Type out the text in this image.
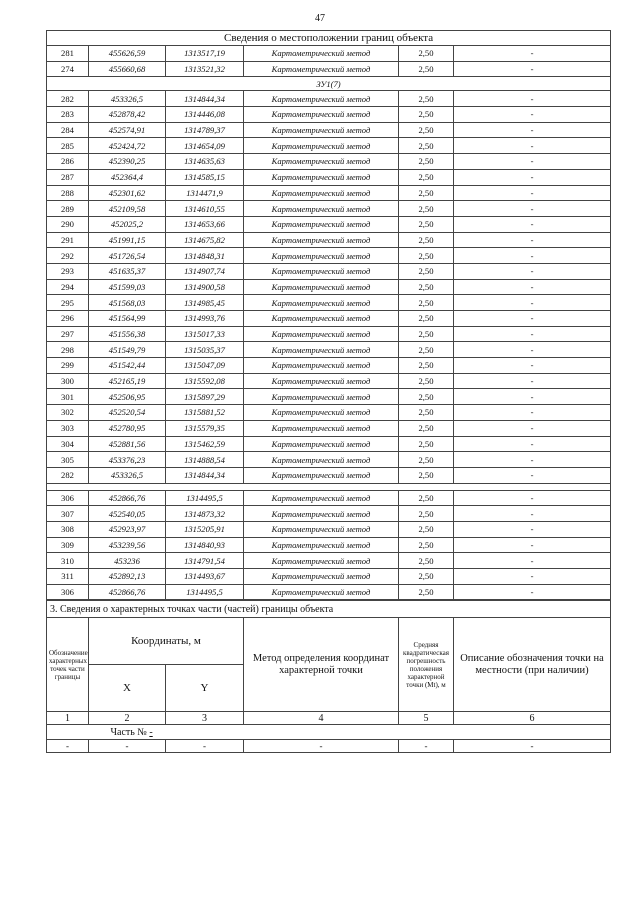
47
Сведения о местоположении границ объекта					
281	455626,59	1313517,19	Картометрический метод	2,50	-
274	455660,68	1313521,32	Картометрический метод	2,50	-
ЗУ1(7)					
282	453326,5	1314844,34	Картометрический метод	2,50	-
283	452878,42	1314446,08	Картометрический метод	2,50	-
284	452574,91	1314789,37	Картометрический метод	2,50	-
285	452424,72	1314654,09	Картометрический метод	2,50	-
286	452390,25	1314635,63	Картометрический метод	2,50	-
287	452364,4	1314585,15	Картометрический метод	2,50	-
288	452301,62	1314471,9	Картометрический метод	2,50	-
289	452109,58	1314610,55	Картометрический метод	2,50	-
290	452025,2	1314653,66	Картометрический метод	2,50	-
291	451991,15	1314675,82	Картометрический метод	2,50	-
292	451726,54	1314848,31	Картометрический метод	2,50	-
293	451635,37	1314907,74	Картометрический метод	2,50	-
294	451599,03	1314900,58	Картометрический метод	2,50	-
295	451568,03	1314985,45	Картометрический метод	2,50	-
296	451564,99	1314993,76	Картометрический метод	2,50	-
297	451556,38	1315017,33	Картометрический метод	2,50	-
298	451549,79	1315035,37	Картометрический метод	2,50	-
299	451542,44	1315047,09	Картометрический метод	2,50	-
300	452165,19	1315592,08	Картометрический метод	2,50	-
301	452506,95	1315897,29	Картометрический метод	2,50	-
302	452520,54	1315881,52	Картометрический метод	2,50	-
303	452780,95	1315579,35	Картометрический метод	2,50	-
304	452881,56	1315462,59	Картометрический метод	2,50	-
305	453376,23	1314888,54	Картометрический метод	2,50	-
282	453326,5	1314844,34	Картометрический метод	2,50	-

306	452866,76	1314495,5	Картометрический метод	2,50	-
307	452540,05	1314873,32	Картометрический метод	2,50	-
308	452923,97	1315205,91	Картометрический метод	2,50	-
309	453239,56	1314840,93	Картометрический метод	2,50	-
310	453236	1314791,54	Картометрический метод	2,50	-
311	452892,13	1314493,67	Картометрический метод	2,50	-
306	452866,76	1314495,5	Картометрический метод	2,50	-
3. Сведения о характерных точках части (частей) границы объекта					
Обозначение характерных точек части границы	Координаты, м		Метод определения координат характерной точки	Средняя квадратическая погрешность положения характерной точки (Mt), м	Описание обозначения точки на местности (при наличии)
	X	Y			
1	2	3	4	5	6
	Часть № -				
-	-	-	-	-	-
